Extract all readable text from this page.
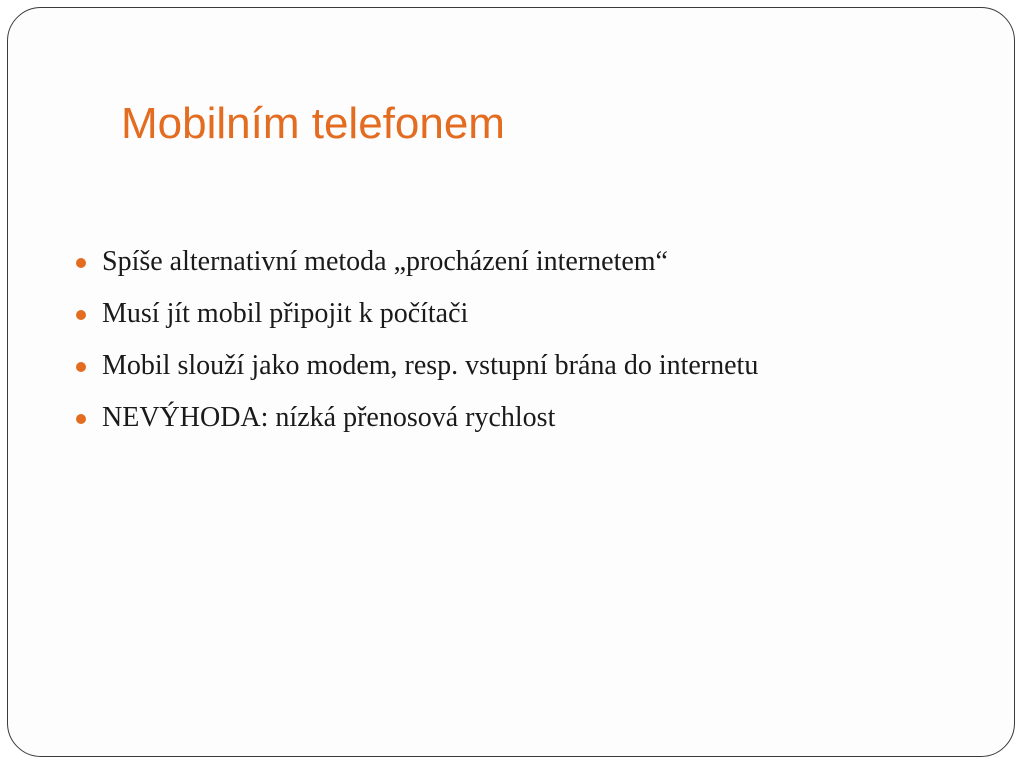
Mobilním telefonem
Spíše alternativní metoda „procházení internetem“
Musí jít mobil připojit k počítači
Mobil slouží jako modem, resp. vstupní brána do internetu
NEVÝHODA: nízká přenosová rychlost
